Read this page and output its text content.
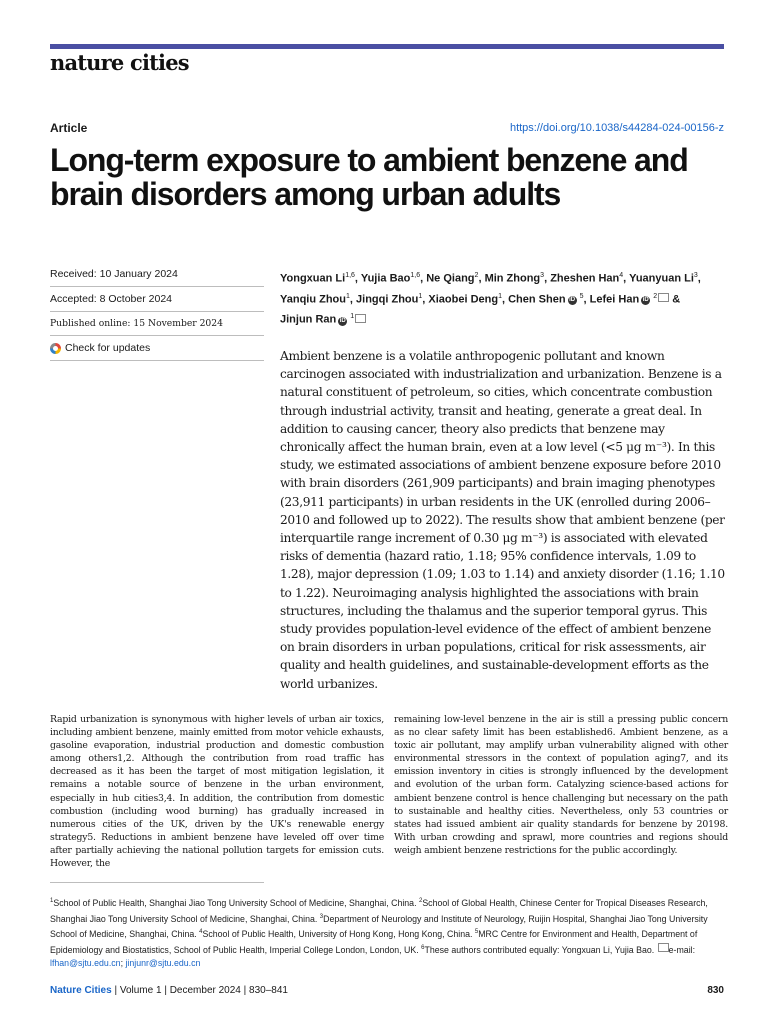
nature cities
Article	https://doi.org/10.1038/s44284-024-00156-z
Long-term exposure to ambient benzene and brain disorders among urban adults
Received: 10 January 2024
Accepted: 8 October 2024
Published online: 15 November 2024
Check for updates
Yongxuan Li$^{1,6}$, Yujia Bao$^{1,6}$, Ne Qiang$^2$, Min Zhong$^3$, Zheshen Han$^4$, Yuanyuan Li$^3$, Yanqiu Zhou$^1$, Jingqi Zhou$^1$, Xiaobei Deng$^1$, Chen Shen iD $^5$, Lefei Han iD $^2$ &
Jinjun Ran iD $^1$

Ambient benzene is a volatile anthropogenic pollutant and known carcinogen associated with industrialization and urbanization. Benzene is a natural constituent of petroleum, so cities, which concentrate combustion through industrial activity, transit and heating, generate a great deal. In addition to causing cancer, theory also predicts that benzene may chronically affect the human brain, even at a low level (<5 μg m⁻³). In this study, we estimated associations of ambient benzene exposure before 2010 with brain disorders (261,909 participants) and brain imaging phenotypes (23,911 participants) in urban residents in the UK (enrolled during 2006–2010 and followed up to 2022). The results show that ambient benzene (per interquartile range increment of 0.30 μg m⁻³) is associated with elevated risks of dementia (hazard ratio, 1.18; 95% confidence intervals, 1.09 to 1.28), major depression (1.09; 1.03 to 1.14) and anxiety disorder (1.16; 1.10 to 1.22). Neuroimaging analysis highlighted the associations with brain structures, including the thalamus and the superior temporal gyrus. This study provides population-level evidence of the effect of ambient benzene on brain disorders in urban populations, critical for risk assessments, air quality and health guidelines, and sustainable-development efforts as the world urbanizes.

Rapid urbanization is synonymous with higher levels of urban air toxics, including ambient benzene, mainly emitted from motor vehicle exhausts, gasoline evaporation, industrial production and domestic combustion among others1,2. Although the contribution from road traffic has decreased as it has been the target of most mitigation legislation, it remains a notable source of benzene in the urban environment, especially in hub cities3,4. In addition, the contribution from domestic combustion (including wood burning) has gradually increased in numerous cities of the UK, driven by the UK's renewable energy strategy5. Reductions in ambient benzene have leveled off over time after partially achieving the national pollution targets for emission cuts. However, the

remaining low-level benzene in the air is still a pressing public concern as no clear safety limit has been established6. Ambient benzene, as a toxic air pollutant, may amplify urban vulnerability aligned with other environmental stressors in the context of population aging7, and its emission inventory in cities is strongly influenced by the development and evolution of the urban form. Catalyzing science-based actions for ambient benzene control is hence challenging but necessary on the path to sustainable and healthy cities. Nevertheless, only 53 countries or states had issued ambient air quality standards for benzene by 20198. With urban crowding and sprawl, more countries and regions should weigh ambient benzene restrictions for the public accordingly.

$^1$School of Public Health, Shanghai Jiao Tong University School of Medicine, Shanghai, China. $^2$School of Global Health, Chinese Center for Tropical Diseases Research, Shanghai Jiao Tong University School of Medicine, Shanghai, China. $^3$Department of Neurology and Institute of Neurology, Ruijin Hospital, Shanghai Jiao Tong University School of Medicine, Shanghai, China. $^4$School of Public Health, University of Hong Kong, Hong Kong, China. $^5$MRC Centre for Environment and Health, Department of Epidemiology and Biostatistics, School of Public Health, Imperial College London, London, UK. $^6$These authors contributed equally: Yongxuan Li, Yujia Bao. e-mail: lfhan@sjtu.edu.cn; jinjunr@sjtu.edu.cn

Nature Cities | Volume 1 | December 2024 | 830–841	830
